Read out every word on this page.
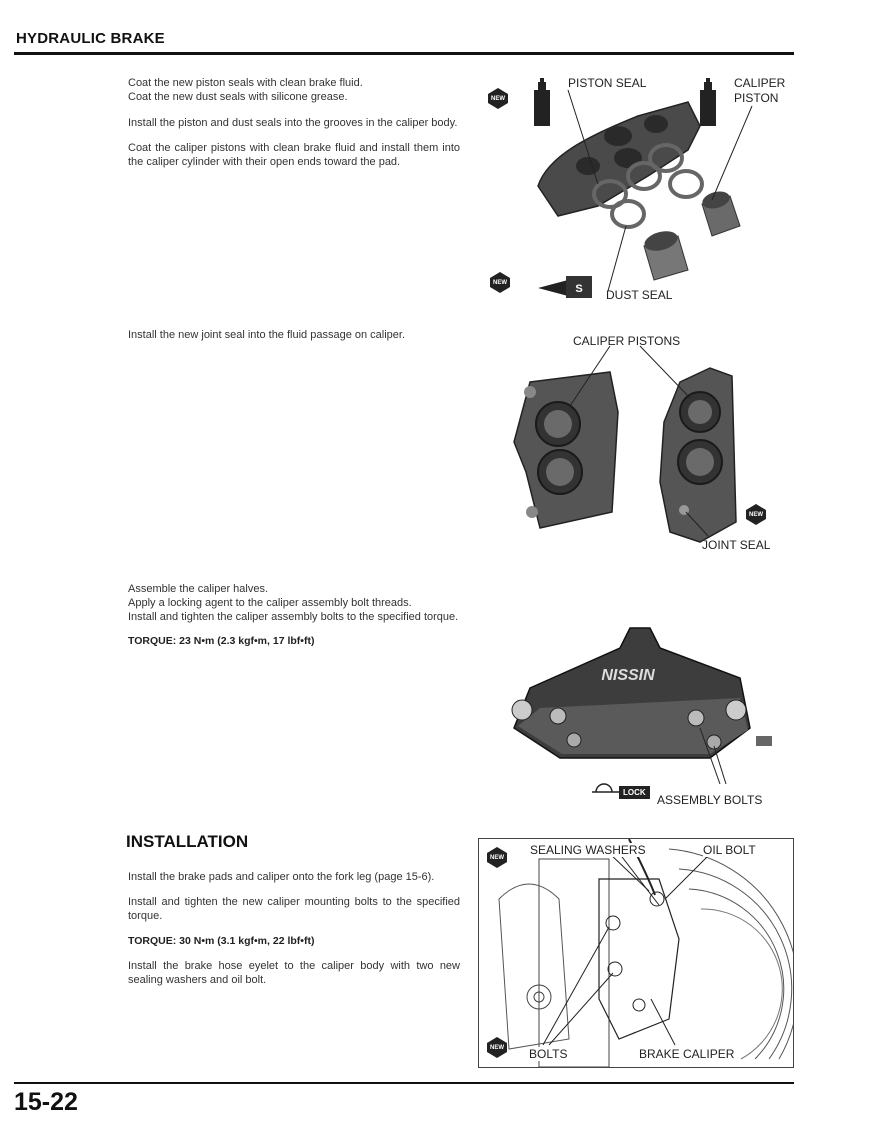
HYDRAULIC BRAKE

Coat the new piston seals with clean brake fluid.

Coat the new dust seals with silicone grease.

Install the piston and dust seals into the grooves in the caliper body.

Coat the caliper pistons with clean brake fluid and install them into the caliper cylinder with their open ends toward the pad.

NEW
NEW	S
PISTON SEAL	CALIPER
PISTON
DUST SEAL
Install the new joint seal into the fluid passage on caliper.
NEW
CALIPER PISTONS
JOINT SEAL

Assemble the caliper halves.

Apply a locking agent to the caliper assembly bolt threads.

Install and tighten the caliper assembly bolts to the specified torque.

TORQUE: 23 N•m (2.3 kgf•m, 17 lbf•ft)

NISSIN
LOCK
ASSEMBLY BOLTS
INSTALLATION

Install the brake pads and caliper onto the fork leg (page 15-6).

Install and tighten the new caliper mounting bolts to the specified torque.

TORQUE: 30 N•m (3.1 kgf•m, 22 lbf•ft)

Install the brake hose eyelet to the caliper body with two new sealing washers and oil bolt.

NEW
NEW
SEALING WASHERS	OIL BOLT
BOLTS	BRAKE CALIPER
15-22
